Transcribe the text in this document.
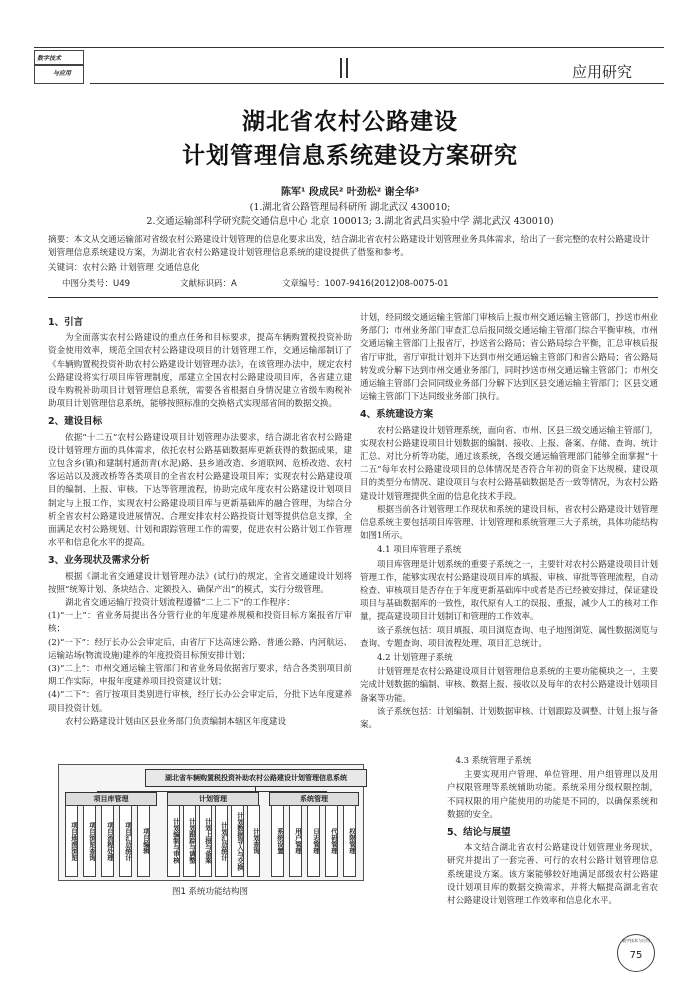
数字技术
与应用	应用研究
湖北省农村公路建设
计划管理信息系统建设方案研究
陈军¹ 段成民² 叶劲松² 谢全华³
(1.湖北省公路管理局科研所 湖北武汉 430010;
2.交通运输部科学研究院交通信息中心 北京 100013; 3.湖北省武昌实验中学 湖北武汉 430010)
摘要：本文从交通运输部对省级农村公路建设计划管理的信息化要求出发，结合湖北省农村公路建设计划管理业务具体需求，给出了一套完整的农村公路建设计划管理信息系统建设方案，为湖北省农村公路建设计划管理信息系统的建设提供了借鉴和参考。
关键词：农村公路 计划管理 交通信息化
中图分类号：U49	文献标识码：A	文章编号：1007-9416(2012)08-0075-01
1、引言

为全面落实农村公路建设的重点任务和目标要求，提高车辆购置税投资补助资金使用效率，规范全国农村公路建设项目的计划管理工作，交通运输部制订了《车辆购置税投资补助农村公路建设计划管理办法》，在该管理办法中，规定农村公路建设将实行项目库管理制度，部建立全国农村公路建设项目库，各省建立建设车购税补助项目计划管理信息系统，需要各省根据自身情况建立省级车购税补助项目计划管理信息系统，能够按照标准的交换格式实现部省间的数据交换。

2、建设目标

依据“十二五”农村公路建设项目计划管理办法要求，结合湖北省农村公路建设计划管理方面的具体需求，依托农村公路基础数据库更新获得的数据成果，建立包含乡(镇)和建制村通沥青(水泥)路、县乡道改造、乡道联网、危桥改造、农村客运站以及渡改桥等各类项目的全省农村公路建设项目库；实现农村公路建设项目的编制、上报、审核、下达等管理流程，协助完成年度农村公路建设计划项目制定与上报工作，实现农村公路建设项目库与更新基础库的融合管理，为综合分析全省农村公路建设进展情况、合理安排农村公路投资计划等提供信息支撑，全面满足农村公路规划、计划和跟踪管理工作的需要，促进农村公路计划工作管理水平和信息化水平的提高。

3、业务现状及需求分析

根据《湖北省交通建设计划管理办法》(试行)的规定，全省交通建设计划将按照“统筹计划、条块结合、定额投入、确保产出”的模式，实行分级管理。

湖北省交通运输厅投资计划流程遵循“二上二下”的工作程序：

(1)“一上”：省业务局提出各分管行业的年度建养规模和投资目标方案报省厅审核；

(2)“一下”：经厅长办公会审定后，由省厅下达高速公路、普通公路、内河航运、运输站场(物流设施)建养的年度投资目标预安排计划；

(3)“二上”：市州交通运输主管部门和省业务局依据省厅要求，结合各类别项目前期工作实际，申报年度建养项目投资建议计划；

(4)“二下”：省厅按项目类别进行审核，经厅长办公会审定后，分批下达年度建养项目投资计划。

农村公路建设计划由区县业务部门负责编制本辖区年度建设

计划，经同级交通运输主管部门审核后上报市州交通运输主管部门，抄送市州业务部门；市州业务部门审查汇总后报同级交通运输主管部门综合平衡审核，市州交通运输主管部门上报省厅，抄送省公路局；省公路局综合平衡，汇总审核后报省厅审批，省厅审批计划并下达到市州交通运输主管部门和省公路局；省公路局转发或分解下达到市州交通业务部门，同时抄送市州交通运输主管部门；市州交通运输主管部门会同同级业务部门分解下达到区县交通运输主管部门；区县交通运输主管部门下达同级业务部门执行。

4、系统建设方案

农村公路建设计划管理系统，面向省、市州、区县三级交通运输主管部门，实现农村公路建设项目计划数据的编制、接收、上报、备案、存储、查询、统计汇总、对比分析等功能，通过该系统，各级交通运输管理部门能够全面掌握“十二五”每年农村公路建设项目的总体情况是否符合年初的资金下达规模、建设项目的类型分布情况、建设项目与农村公路基础数据是否一致等情况，为农村公路建设计划管理提供全面的信息化技术手段。

根据当前各计划管理工作现状和系统的建设目标，省农村公路建设计划管理信息系统主要包括项目库管理、计划管理和系统管理三大子系统，具体功能结构如图1所示。

4.1 项目库管理子系统

项目库管理是计划系统的重要子系统之一，主要针对农村公路建设项目计划管理工作，能够实现农村公路建设项目库的填报、审核、审批等管理流程，自动检查、审核项目是否存在于年度更新基础库中或者是否已经被安排过，保证建设项目与基础数据库的一致性，取代原有人工的误报、重报，减少人工的核对工作量，提高建设项目计划制订和管理的工作效率。

该子系统包括：项目填报、项目浏览查询、电子地图浏览、属性数据浏览与查询、专题查询、项目流程处理、项目汇总统计。

4.2 计划管理子系统

计划管理是农村公路建设项目计划管理信息系统的主要功能模块之一，主要完成计划数据的编制、审核、数据上报、接收以及每年的农村公路建设计划项目备案等功能。

该子系统包括：计划编制、计划数据审核、计划跟踪及调整、计划上报与备案。

4.3 系统管理子系统

主要实现用户管理、单位管理、用户组管理以及用户权限管理等系统辅助功能。系统采用分级权限控制，不同权限的用户能使用的功能是不同的，以确保系统和数据的安全。

5、结论与展望

本文结合湖北省农村公路建设计划管理业务现状，研究并提出了一套完善、可行的农村公路计划管理信息系统建设方案。该方案能够较好地满足部级农村公路建设计划项目库的数据交换需求，并将大幅提高湖北省农村公路建设计划管理工作效率和信息化水平。

湖北省车辆购置税投资补助农村公路建设计划管理信息系统
项目库管理	计划管理	系统管理
项目地图浏览	项目浏览查询	项目流程处理	项目汇总统计	项目编辑	计划编制与审核	计划跟踪与调整	计划上报与备案	计划汇总统计	计划数据导入与交换	计划查询	系统设置	用户管理	日志管理	代码管理	权限管理
图1 系统功能结构图
数字技术与应用
75
